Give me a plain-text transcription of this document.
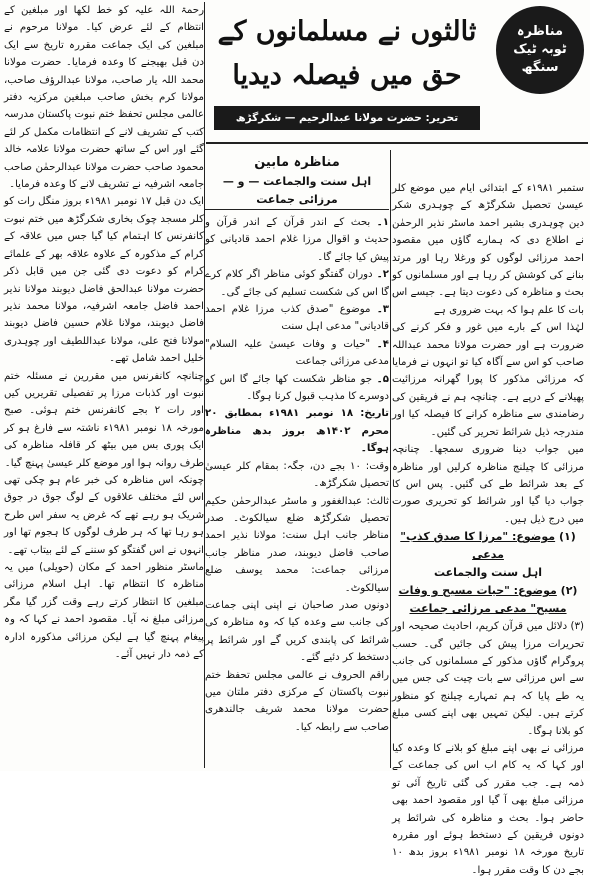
ثالثوں نے مسلمانوں کے
حق میں فیصلہ دیدیا
تحریر: حضرت مولانا عبدالرحیم — شکرگڑھ
مناظرہ ٹوبہ ٹیک سنگھ

ستمبر ۱۹۸۱ء کے ابتدائی ایام میں موضع کلر عیسیٰ تحصیل شکرگڑھ کے چوہدری شکر دین چوہدری بشیر احمد ماسٹر نذیر الرحمٰن نے اطلاع دی کہ ہمارے گاؤں میں مقصود احمد مرزائی لوگوں کو ورغلا رہا اور مرتد بنانے کی کوشش کر رہا ہے اور مسلمانوں کو بحث و مناظرہ کی دعوت دیتا ہے۔ جیسے اس بات کا علم ہوا کہ بہت ضروری ہے

لہٰذا اس کے بارے میں غور و فکر کرنے کی ضرورت ہے اور حضرت مولانا محمد عبداللہ صاحب کو اس سے آگاہ کیا تو انہوں نے فرمایا کہ مرزائی مذکور کا پورا گھرانہ مرزائیت پھیلانے کے درپے ہے۔ چنانچہ ہم نے فریقین کی رضامندی سے مناظرہ کرانے کا فیصلہ کیا اور مندرجہ ذیل شرائط تحریر کی گئیں۔

میں جواب دینا ضروری سمجھا۔ چنانچہ مرزائی کا چیلنج مناظرہ کرلیں اور مناظرہ کے بعد شرائط طے کی گئیں۔ پس اس کا جواب دیا گیا اور شرائط کو تحریری صورت میں درج ذیل ہیں۔

(۱) موضوع: "مرزا کا صدق کذب" مدعی
اہل سنت والجماعت
(۲) موضوع: "حیات مسیح و وفات مسیح" مدعی مرزائی جماعت

(۳) دلائل میں قرآن کریم، احادیث صحیحہ اور تحریرات مرزا پیش کی جائیں گی۔ حسب پروگرام گاؤں مذکور کے مسلمانوں کی جانب سے اس مرزائی سے بات چیت کی جس میں یہ طے پایا کہ ہم تمہارے چیلنج کو منظور کرتے ہیں۔ لیکن تمہیں بھی اپنے کسی مبلغ کو بلانا ہوگا۔

مرزائی نے بھی اپنے مبلغ کو بلانے کا وعدہ کیا اور کہا کہ یہ کام اب اس کی جماعت کے ذمہ ہے۔ جب مقرر کی گئی تاریخ آئی تو مرزائی مبلغ بھی آ گیا اور مقصود احمد بھی حاضر ہوا۔ بحث و مناظرہ کی شرائط پر دونوں فریقین کے دستخط ہوئے اور مقررہ تاریخ مورخہ ۱۸ نومبر ۱۹۸۱ء بروز بدھ ۱۰ بجے دن کا وقت مقرر ہوا۔

مناظرہ مابین
اہل سنت والجماعت — و — مرزائی جماعت

۱۔ بحث کے اندر قرآن کے اندر قرآن و حدیث و اقوال مرزا غلام احمد قادیانی کو پیش کیا جائے گا۔

۲۔ دوران گفتگو کوئی مناظر اگر کلام کرے گا اس کی شکست تسلیم کی جائے گی۔

۳۔ موضوع "صدق کذب مرزا غلام احمد قادیانی" مدعی اہل سنت

۴۔ "حیات و وفات عیسیٰ علیہ السلام" مدعی مرزائی جماعت

۵۔ جو مناظر شکست کھا جائے گا اس کو دوسرے کا مذہب قبول کرنا ہوگا۔

تاریخ: ۱۸ نومبر ۱۹۸۱ء بمطابق ۲۰ محرم ۱۴۰۲ھ بروز بدھ مناظرہ ہوگا۔

وقت: ۱۰ بجے دن، جگہ: بمقام کلر عیسیٰ تحصیل شکرگڑھ۔

ثالث: عبدالغفور و ماسٹر عبدالرحمٰن حکیم تحصیل شکرگڑھ ضلع سیالکوٹ۔ صدر مناظر جانب اہل سنت: مولانا نذیر احمد صاحب فاضل دیوبند، صدر مناظر جانب مرزائی جماعت: محمد یوسف ضلع سیالکوٹ۔

دونوں صدر صاحبان نے اپنی اپنی جماعت کی جانب سے وعدہ کیا کہ وہ مناظرہ کی شرائط کی پابندی کریں گے اور شرائط پر دستخط کر دئیے گئے۔

راقم الحروف نے عالمی مجلس تحفظ ختم نبوت پاکستان کے مرکزی دفتر ملتان میں حضرت مولانا محمد شریف جالندھری صاحب سے رابطہ کیا۔

رحمۃ اللہ علیہ کو خط لکھا اور مبلغین کے انتظام کے لئے عرض کیا۔ مولانا مرحوم نے مبلغین کی ایک جماعت مقررہ تاریخ سے ایک دن قبل بھیجنے کا وعدہ فرمایا۔ حضرت مولانا محمد اللہ یار صاحب، مولانا عبدالرؤف صاحب، مولانا کرم بخش صاحب مبلغین مرکزیہ دفتر عالمی مجلس تحفظ ختم نبوت پاکستان مدرسہ کتب کے تشریف لانے کے انتظامات مکمل کر لئے گئے اور اس کے ساتھ حضرت مولانا علامہ خالد محمود صاحب حضرت مولانا عبدالرحمٰن صاحب جامعہ اشرفیہ نے تشریف لانے کا وعدہ فرمایا۔

ایک دن قبل ۱۷ نومبر ۱۹۸۱ء بروز منگل رات کو کلر مسجد چوک بخاری شکرگڑھ میں ختم نبوت کانفرنس کا اہتمام کیا گیا جس میں علاقہ کے کرام کے مذکورہ کے علاوہ علاقہ بھر کے علمائے کرام کو دعوت دی گئی جن میں قابل ذکر حضرت مولانا عبدالحق فاضل دیوبند مولانا نذیر احمد فاضل جامعہ اشرفیہ، مولانا محمد نذیر فاضل دیوبند، مولانا غلام حسین فاضل دیوبند مولانا فتح علی، مولانا عبداللطیف اور چوہدری خلیل احمد شامل تھے۔

چنانچہ کانفرنس میں مقررین نے مسئلہ ختم نبوت اور کذبات مرزا پر تفصیلی تقریریں کیں اور رات ۲ بجے کانفرنس ختم ہوئی۔ صبح مورخہ ۱۸ نومبر ۱۹۸۱ء ناشتہ سے فارغ ہو کر ایک پوری بس میں بیٹھ کر قافلہ مناظرہ کی طرف روانہ ہوا اور موضع کلر عیسیٰ پہنچ گیا۔

چونکہ اس مناظرہ کی خبر عام ہو چکی تھی اس لئے مختلف علاقوں کے لوگ جوق در جوق شریک ہو رہے تھے کہ غرض یہ سفر اس طرح ہو رہا تھا کہ ہر طرف لوگوں کا ہجوم تھا اور انہوں نے اس گفتگو کو سننے کے لئے بیتاب تھے۔

ماسٹر منظور احمد کے مکان (حویلی) میں یہ مناظرہ کا انتظام تھا۔ اہل اسلام مرزائی مبلغین کا انتظار کرتے رہے وقت گزر گیا مگر مرزائی مبلغ نہ آیا۔ مقصود احمد نے کہا کہ وہ پیغام پہنچ گیا ہے لیکن مرزائی مذکورہ ادارہ کے ذمہ دار نہیں آئے۔
